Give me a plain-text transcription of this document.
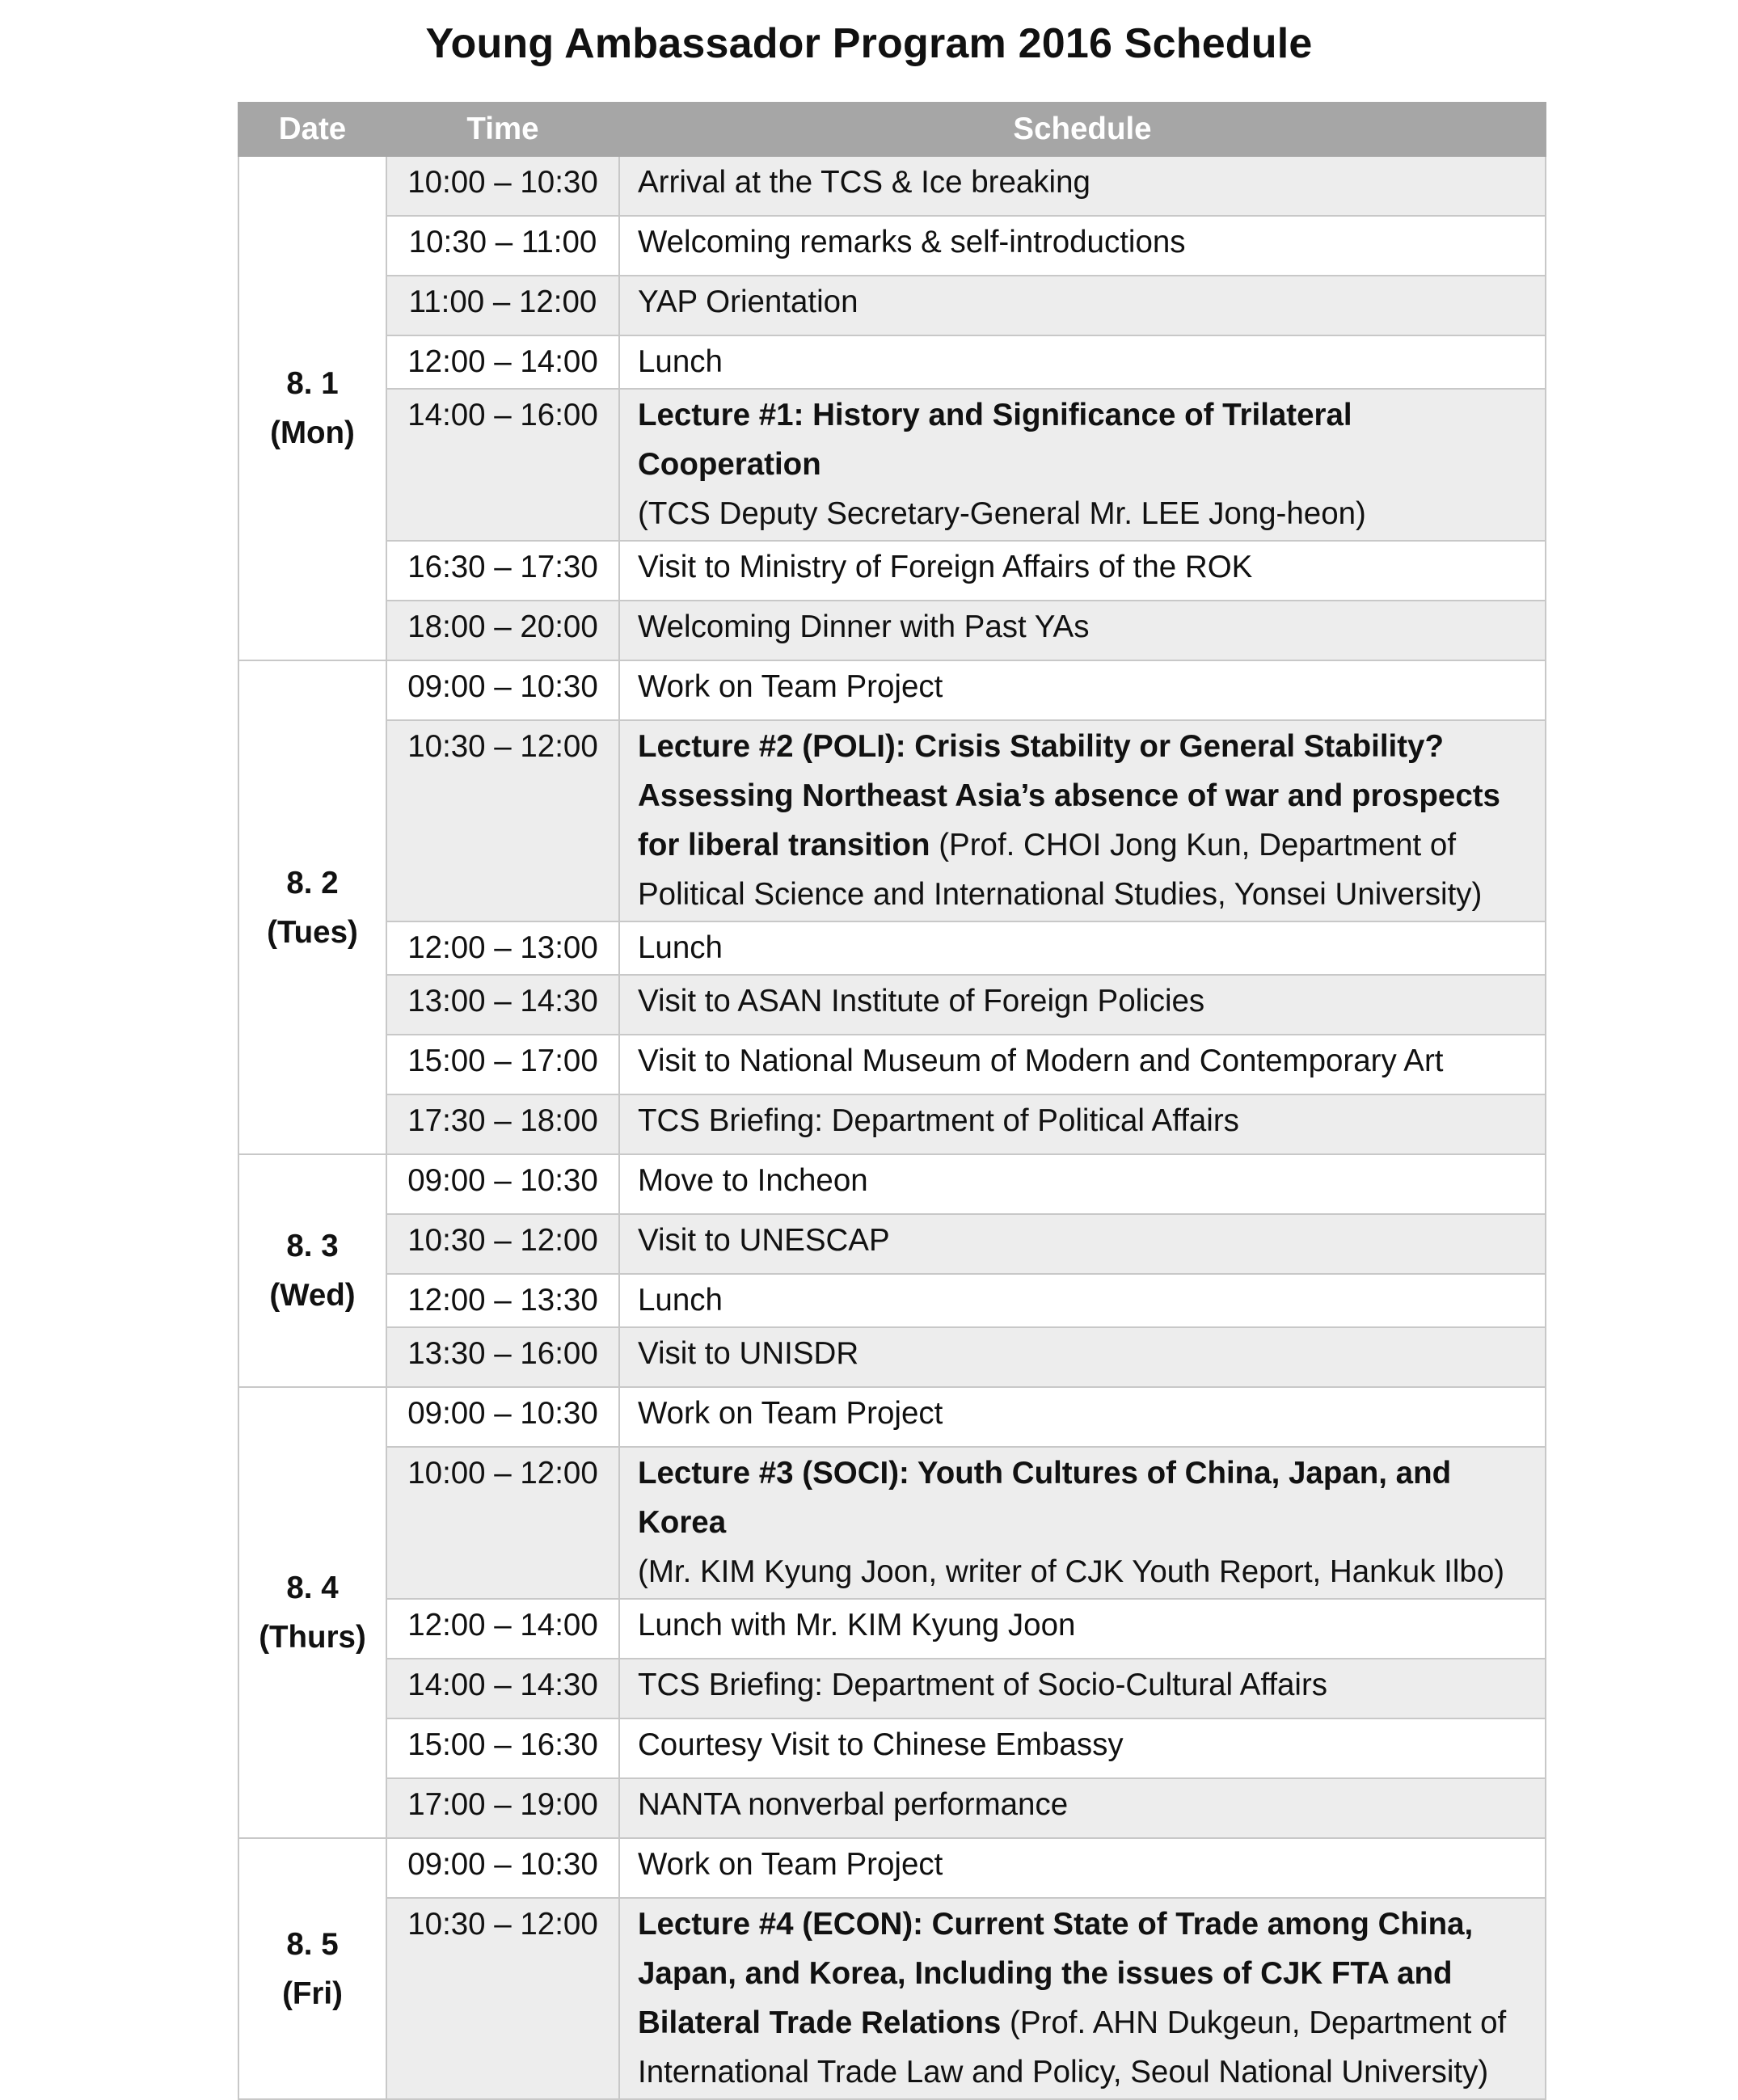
Young Ambassador Program 2016 Schedule
Date	Time	Schedule

8. 1
(Mon)	10:00 – 10:30	Arrival at the TCS & Ice breaking
	10:30 – 11:00	Welcoming remarks & self-introductions
	11:00 – 12:00	YAP Orientation
	12:00 – 14:00	Lunch
	14:00 – 16:00	Lecture #1: History and Significance of Trilateral Cooperation
(TCS Deputy Secretary-General Mr. LEE Jong-heon)
	16:30 – 17:30	Visit to Ministry of Foreign Affairs of the ROK
	18:00 – 20:00	Welcoming Dinner with Past YAs

8. 2
(Tues)	09:00 – 10:30	Work on Team Project
	10:30 – 12:00	Lecture #2 (POLI): Crisis Stability or General Stability? Assessing Northeast Asia’s absence of war and prospects for liberal transition (Prof. CHOI Jong Kun, Department of Political Science and International Studies, Yonsei University)
	12:00 – 13:00	Lunch
	13:00 – 14:30	Visit to ASAN Institute of Foreign Policies
	15:00 – 17:00	Visit to National Museum of Modern and Contemporary Art
	17:30 – 18:00	TCS Briefing: Department of Political Affairs

8. 3
(Wed)	09:00 – 10:30	Move to Incheon
	10:30 – 12:00	Visit to UNESCAP
	12:00 – 13:30	Lunch
	13:30 – 16:00	Visit to UNISDR

8. 4
(Thurs)	09:00 – 10:30	Work on Team Project
	10:00 – 12:00	Lecture #3 (SOCI): Youth Cultures of China, Japan, and Korea
(Mr. KIM Kyung Joon, writer of CJK Youth Report, Hankuk Ilbo)
	12:00 – 14:00	Lunch with Mr. KIM Kyung Joon
	14:00 – 14:30	TCS Briefing: Department of Socio-Cultural Affairs
	15:00 – 16:30	Courtesy Visit to Chinese Embassy
	17:00 – 19:00	NANTA nonverbal performance

8. 5
(Fri)	09:00 – 10:30	Work on Team Project
	10:30 – 12:00	Lecture #4 (ECON): Current State of Trade among China, Japan, and Korea, Including the issues of CJK FTA and Bilateral Trade Relations (Prof. AHN Dukgeun, Department of International Trade Law and Policy, Seoul National University)
